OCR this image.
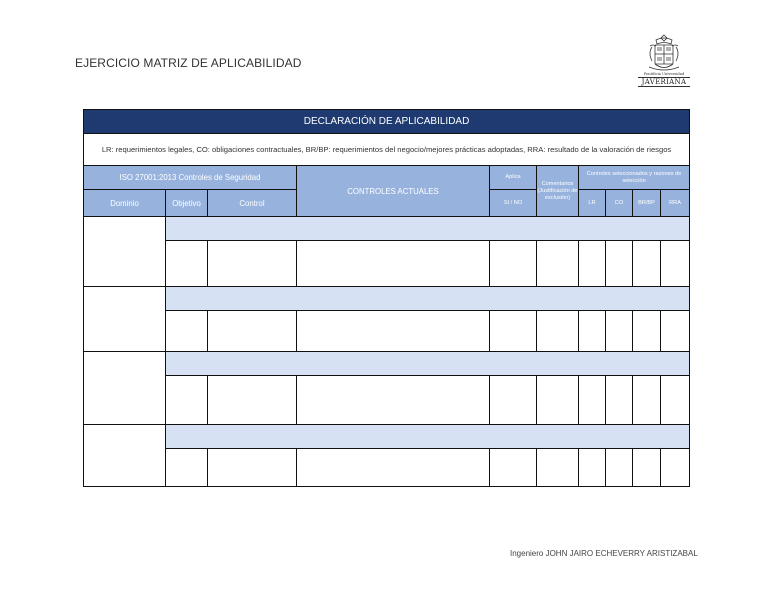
EJERCICIO MATRIZ DE APLICABILIDAD
Pontificia Universidad
JAVERIANA
DECLARACIÓN DE APLICABILIDAD									
LR: requerimientos legales, CO: obligaciones contractuales, BR/BP: requerimientos del negocio/mejores prácticas adoptadas, RRA: resultado de la valoración de riesgos									
ISO 27001:2013 Controles de Seguridad			CONTROLES ACTUALES	Aplica	Comentarios (Justificación de exclusión)	Controles seleccionados y razones de selección			
Dominio	Objetivo	Control		SI / NO		LR	CO	BR/BP	RRA

Ingeniero JOHN JAIRO ECHEVERRY ARISTIZABAL
